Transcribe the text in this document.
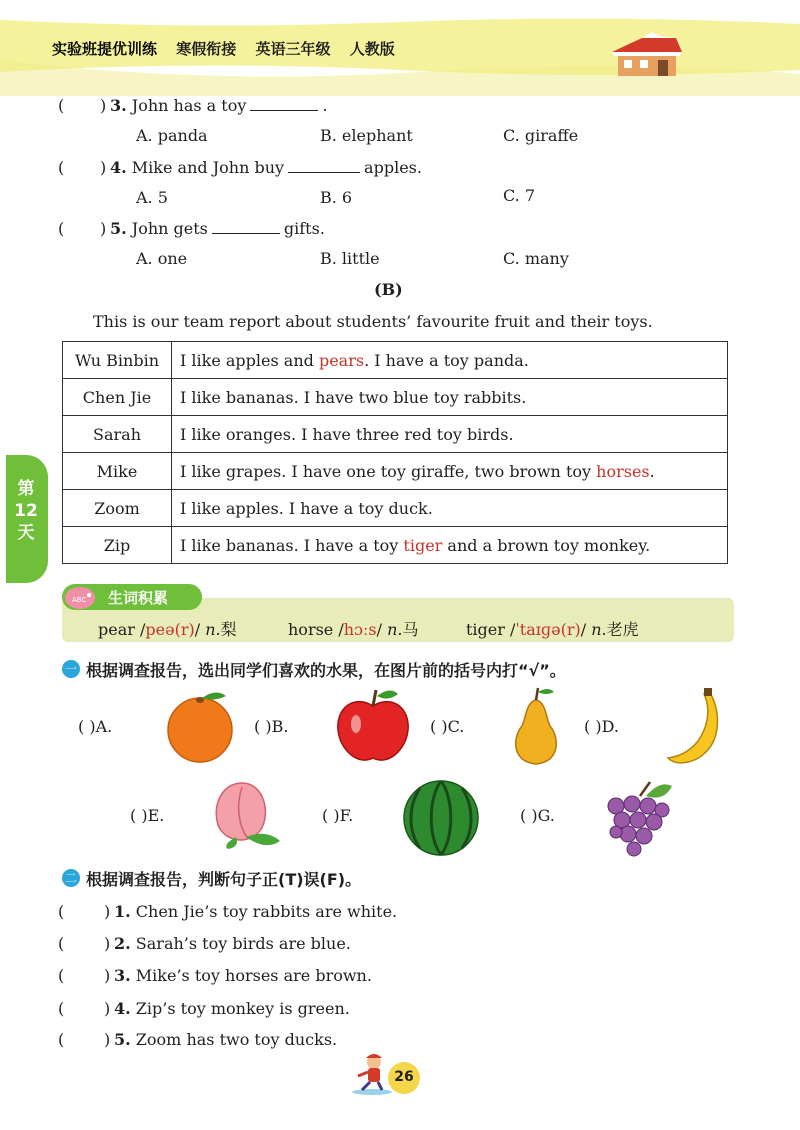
实验班提优训练 寒假衔接 英语三年级 人教版
( ) 3. John has a toy	.
A. panda	B. elephant	C. giraffe
( ) 4. Mike and John buy	apples.
A. 5	B. 6	C. 7
( ) 5. John gets	gifts.
A. one	B. little	C. many
(B)
This is our team report about students’ favourite fruit and their toys.
Wu Binbin	I like apples and pears. I have a toy panda.
Chen Jie	I like bananas. I have two blue toy rabbits.
Sarah	I like oranges. I have three red toy birds.
Mike	I like grapes. I have one toy giraffe, two brown toy horses.
Zoom	I like apples. I have a toy duck.
Zip	I like bananas. I have a toy tiger and a brown toy monkey.
第12天
ABC 生词积累
pear /peə(r)/ n.梨	horse /hɔːs/ n.马	tiger /ˈtaɪɡə(r)/ n.老虎
一 根据调查报告，选出同学们喜欢的水果，在图片前的括号内打“√”。
( )A.	( )B.	( )C.	( )D.
( )E.	( )F.	( )G.
二 根据调查报告，判断句子正(T)误(F)。
( ) 1. Chen Jie’s toy rabbits are white.
( ) 2. Sarah’s toy birds are blue.
( ) 3. Mike’s toy horses are brown.
( ) 4. Zip’s toy monkey is green.
( ) 5. Zoom has two toy ducks.
26
